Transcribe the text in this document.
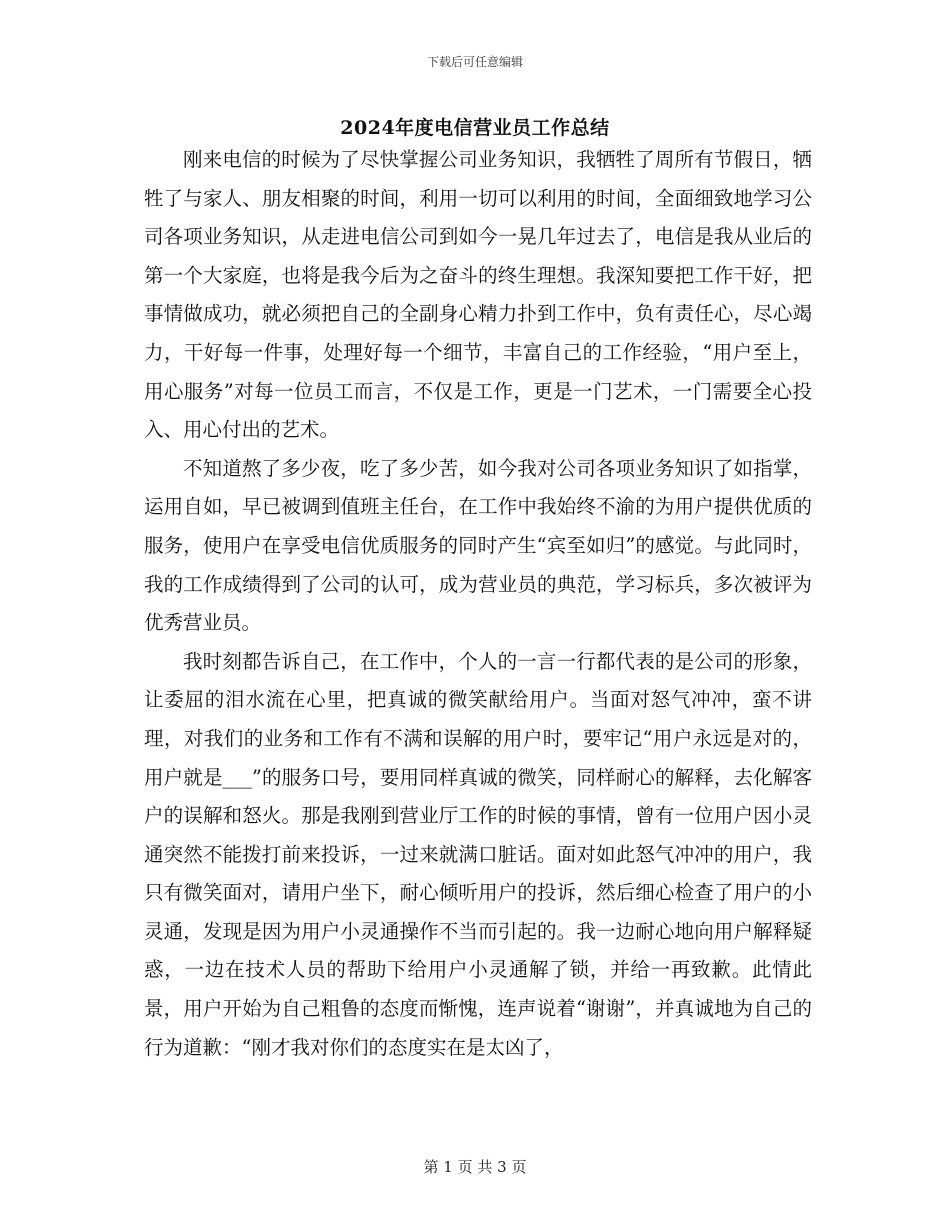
下载后可任意编辑
2024年度电信营业员工作总结

刚来电信的时候为了尽快掌握公司业务知识，我牺牲了周所有节假日，牺牲了与家人、朋友相聚的时间，利用一切可以利用的时间，全面细致地学习公司各项业务知识，从走进电信公司到如今一晃几年过去了，电信是我从业后的第一个大家庭，也将是我今后为之奋斗的终生理想。我深知要把工作干好，把事情做成功，就必须把自己的全副身心精力扑到工作中，负有责任心，尽心竭力，干好每一件事，处理好每一个细节，丰富自己的工作经验，“用户至上，用心服务”对每一位员工而言，不仅是工作，更是一门艺术，一门需要全心投入、用心付出的艺术。

不知道熬了多少夜，吃了多少苦，如今我对公司各项业务知识了如指掌，运用自如，早已被调到值班主任台，在工作中我始终不渝的为用户提供优质的服务，使用户在享受电信优质服务的同时产生“宾至如归”的感觉。与此同时，我的工作成绩得到了公司的认可，成为营业员的典范，学习标兵，多次被评为优秀营业员。

我时刻都告诉自己，在工作中，个人的一言一行都代表的是公司的形象，让委屈的泪水流在心里，把真诚的微笑献给用户。当面对怒气冲冲，蛮不讲理，对我们的业务和工作有不满和误解的用户时，要牢记“用户永远是对的，用户就是___”的服务口号，要用同样真诚的微笑，同样耐心的解释，去化解客户的误解和怒火。那是我刚到营业厅工作的时候的事情，曾有一位用户因小灵通突然不能拨打前来投诉，一过来就满口脏话。面对如此怒气冲冲的用户，我只有微笑面对，请用户坐下，耐心倾听用户的投诉，然后细心检查了用户的小灵通，发现是因为用户小灵通操作不当而引起的。我一边耐心地向用户解释疑惑，一边在技术人员的帮助下给用户小灵通解了锁，并给一再致歉。此情此景，用户开始为自己粗鲁的态度而惭愧，连声说着“谢谢”，并真诚地为自己的行为道歉：“刚才我对你们的态度实在是太凶了，

第 1 页 共 3 页
